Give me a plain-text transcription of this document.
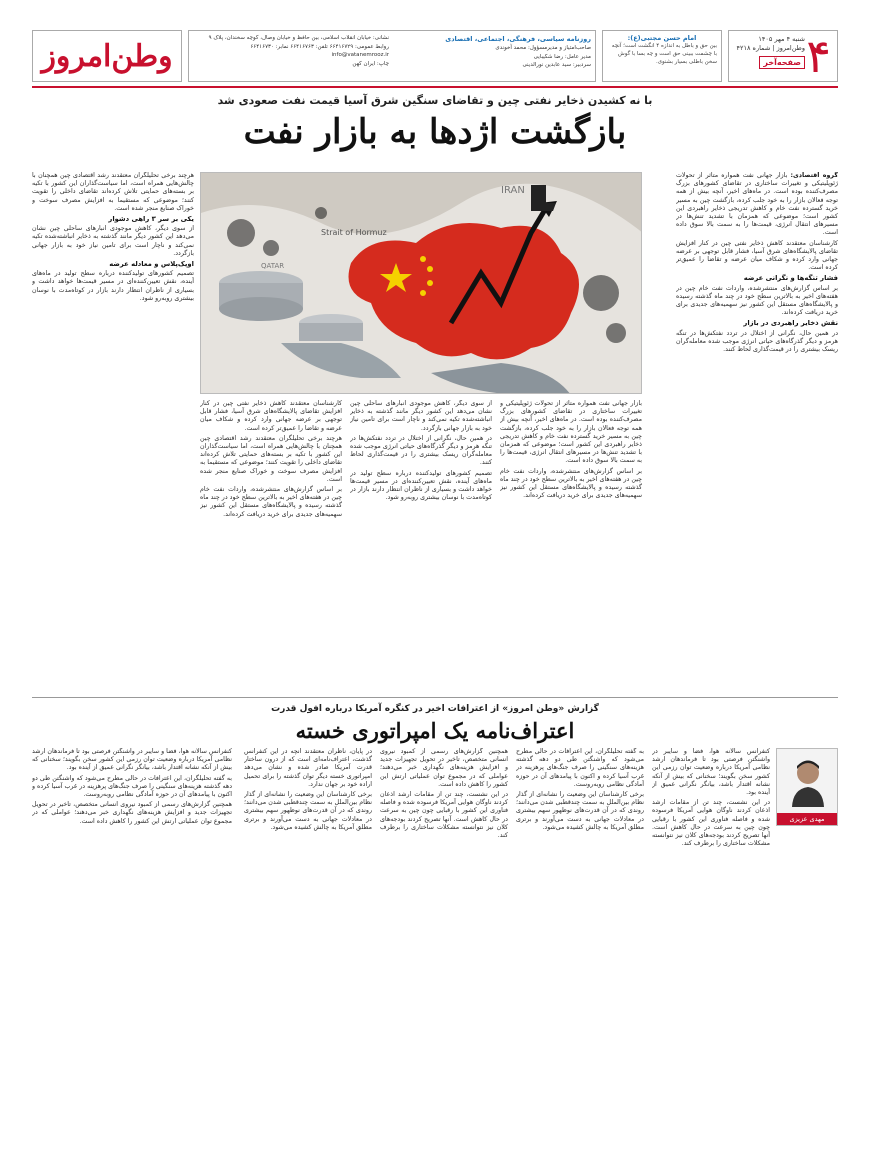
۴
شنبه ۴ مهر ۱۴۰۵
وطن‌امروز | شماره ۴۲۱۸
صفحه‌آخر
امام حسن مجتبی(ع):
بین حق و باطل به اندازه ۴ انگشت است؛ آنچه با چشمت ببینی حق است و چه بسا با گوش سخن باطلی بسیار بشنوی.
روزنامه سیاسی، فرهنگی، اجتماعی، اقتصادی
صاحب‌امتیاز و مدیرمسؤول: محمد آخوندی
مدیر عامل: رضا شکیبایی
سردبیر: سید عابدین نورالدینی
نشانی: خیابان انقلاب اسلامی، بین حافظ و خیابان وصال، کوچه سخندان، پلاک ۹
روابط عمومی: ۶۶۴۱۶۷۲۹ تلفن: ۶۶۴۱۶۷۶۳ نمابر: ۶۶۴۱۶۷۳۰
info@vatanemrooz.ir
چاپ: ایران کهن
وطن‌امروز
با نه کشیدن ذخایر نفتی چین و تقاضای سنگین شرق آسیا قیمت نفت صعودی شد
بازگشت اژدها به بازار نفت

گروه اقتصادی: بازار جهانی نفت همواره متاثر از تحولات ژئوپلیتیکی و تغییرات ساختاری در تقاضای کشورهای بزرگ مصرف‌کننده بوده است. در ماه‌های اخیر، آنچه بیش از همه توجه فعالان بازار را به خود جلب کرده، بازگشت چین به مسیر خرید گسترده نفت خام و کاهش تدریجی ذخایر راهبردی این کشور است؛ موضوعی که همزمان با تشدید تنش‌ها در مسیرهای انتقال انرژی، قیمت‌ها را به سمت بالا سوق داده است.

کارشناسان معتقدند کاهش ذخایر نفتی چین در کنار افزایش تقاضای پالایشگاه‌های شرق آسیا، فشار قابل توجهی بر عرضه جهانی وارد کرده و شکاف میان عرضه و تقاضا را عمیق‌تر کرده است.

فشار تنگه‌ها و نگرانی عرضه

بر اساس گزارش‌های منتشرشده، واردات نفت خام چین در هفته‌های اخیر به بالاترین سطح خود در چند ماه گذشته رسیده و پالایشگاه‌های مستقل این کشور نیز سهمیه‌های جدیدی برای خرید دریافت کرده‌اند.

نقش ذخایر راهبردی در بازار

در همین حال، نگرانی از اختلال در تردد نفتکش‌ها در تنگه هرمز و دیگر گذرگاه‌های حیاتی انرژی موجب شده معامله‌گران ریسک بیشتری را در قیمت‌گذاری لحاظ کنند.

هرچند برخی تحلیلگران معتقدند رشد اقتصادی چین همچنان با چالش‌هایی همراه است، اما سیاست‌گذاران این کشور با تکیه بر بسته‌های حمایتی تلاش کرده‌اند تقاضای داخلی را تقویت کنند؛ موضوعی که مستقیما به افزایش مصرف سوخت و خوراک صنایع منجر شده است.

یکی بر سر ۳ راهی دشوار

از سوی دیگر، کاهش موجودی انبارهای ساحلی چین نشان می‌دهد این کشور دیگر مانند گذشته به ذخایر انباشته‌شده تکیه نمی‌کند و ناچار است برای تامین نیاز خود به بازار جهانی بازگردد.

اوپک‌پلاس و معادله عرضه

تصمیم کشورهای تولیدکننده درباره سطح تولید در ماه‌های آینده، نقش تعیین‌کننده‌ای در مسیر قیمت‌ها خواهد داشت و بسیاری از ناظران انتظار دارند بازار در کوتاه‌مدت با نوسان بیشتری روبه‌رو شود.

IRAN
Strait of Hormuz
QATAR

کارشناسان معتقدند کاهش ذخایر نفتی چین در کنار افزایش تقاضای پالایشگاه‌های شرق آسیا، فشار قابل توجهی بر عرضه جهانی وارد کرده و شکاف میان عرضه و تقاضا را عمیق‌تر کرده است.

هرچند برخی تحلیلگران معتقدند رشد اقتصادی چین همچنان با چالش‌هایی همراه است، اما سیاست‌گذاران این کشور با تکیه بر بسته‌های حمایتی تلاش کرده‌اند تقاضای داخلی را تقویت کنند؛ موضوعی که مستقیما به افزایش مصرف سوخت و خوراک صنایع منجر شده است.

بر اساس گزارش‌های منتشرشده، واردات نفت خام چین در هفته‌های اخیر به بالاترین سطح خود در چند ماه گذشته رسیده و پالایشگاه‌های مستقل این کشور نیز سهمیه‌های جدیدی برای خرید دریافت کرده‌اند.

از سوی دیگر، کاهش موجودی انبارهای ساحلی چین نشان می‌دهد این کشور دیگر مانند گذشته به ذخایر انباشته‌شده تکیه نمی‌کند و ناچار است برای تامین نیاز خود به بازار جهانی بازگردد.

در همین حال، نگرانی از اختلال در تردد نفتکش‌ها در تنگه هرمز و دیگر گذرگاه‌های حیاتی انرژی موجب شده معامله‌گران ریسک بیشتری را در قیمت‌گذاری لحاظ کنند.

تصمیم کشورهای تولیدکننده درباره سطح تولید در ماه‌های آینده، نقش تعیین‌کننده‌ای در مسیر قیمت‌ها خواهد داشت و بسیاری از ناظران انتظار دارند بازار در کوتاه‌مدت با نوسان بیشتری روبه‌رو شود.

بازار جهانی نفت همواره متاثر از تحولات ژئوپلیتیکی و تغییرات ساختاری در تقاضای کشورهای بزرگ مصرف‌کننده بوده است. در ماه‌های اخیر، آنچه بیش از همه توجه فعالان بازار را به خود جلب کرده، بازگشت چین به مسیر خرید گسترده نفت خام و کاهش تدریجی ذخایر راهبردی این کشور است؛ موضوعی که همزمان با تشدید تنش‌ها در مسیرهای انتقال انرژی، قیمت‌ها را به سمت بالا سوق داده است.

بر اساس گزارش‌های منتشرشده، واردات نفت خام چین در هفته‌های اخیر به بالاترین سطح خود در چند ماه گذشته رسیده و پالایشگاه‌های مستقل این کشور نیز سهمیه‌های جدیدی برای خرید دریافت کرده‌اند.

گزارش «وطن امروز» از اعترافات اخیر در کنگره آمریکا درباره افول قدرت
اعتراف‌نامه یک امپراتوری خسته
مهدی عزیزی

کنفرانس سالانه هوا، فضا و سایبر در واشنگتن فرصتی بود تا فرماندهان ارشد نظامی آمریکا درباره وضعیت توان رزمی این کشور سخن بگویند؛ سخنانی که بیش از آنکه نشانه اقتدار باشد، بیانگر نگرانی عمیق از آینده بود.

در این نشست، چند تن از مقامات ارشد اذعان کردند ناوگان هوایی آمریکا فرسوده شده و فاصله فناوری این کشور با رقبایی چون چین به سرعت در حال کاهش است. آنها تصریح کردند بودجه‌های کلان نیز نتوانسته مشکلات ساختاری را برطرف کند.

به گفته تحلیلگران، این اعترافات در حالی مطرح می‌شود که واشنگتن طی دو دهه گذشته هزینه‌های سنگینی را صرف جنگ‌های پرهزینه در غرب آسیا کرده و اکنون با پیامدهای آن در حوزه آمادگی نظامی روبه‌روست.

برخی کارشناسان این وضعیت را نشانه‌ای از گذار نظام بین‌الملل به سمت چندقطبی شدن می‌دانند؛ روندی که در آن قدرت‌های نوظهور سهم بیشتری در معادلات جهانی به دست می‌آورند و برتری مطلق آمریکا به چالش کشیده می‌شود.

همچنین گزارش‌های رسمی از کمبود نیروی انسانی متخصص، تاخیر در تحویل تجهیزات جدید و افزایش هزینه‌های نگهداری خبر می‌دهند؛ عواملی که در مجموع توان عملیاتی ارتش این کشور را کاهش داده است.

در این نشست، چند تن از مقامات ارشد اذعان کردند ناوگان هوایی آمریکا فرسوده شده و فاصله فناوری این کشور با رقبایی چون چین به سرعت در حال کاهش است. آنها تصریح کردند بودجه‌های کلان نیز نتوانسته مشکلات ساختاری را برطرف کند.

در پایان، ناظران معتقدند آنچه در این کنفرانس گذشت، اعتراف‌نامه‌ای است که از درون ساختار قدرت آمریکا صادر شده و نشان می‌دهد امپراتوری خسته دیگر توان گذشته را برای تحمیل اراده خود بر جهان ندارد.

برخی کارشناسان این وضعیت را نشانه‌ای از گذار نظام بین‌الملل به سمت چندقطبی شدن می‌دانند؛ روندی که در آن قدرت‌های نوظهور سهم بیشتری در معادلات جهانی به دست می‌آورند و برتری مطلق آمریکا به چالش کشیده می‌شود.

کنفرانس سالانه هوا، فضا و سایبر در واشنگتن فرصتی بود تا فرماندهان ارشد نظامی آمریکا درباره وضعیت توان رزمی این کشور سخن بگویند؛ سخنانی که بیش از آنکه نشانه اقتدار باشد، بیانگر نگرانی عمیق از آینده بود.

به گفته تحلیلگران، این اعترافات در حالی مطرح می‌شود که واشنگتن طی دو دهه گذشته هزینه‌های سنگینی را صرف جنگ‌های پرهزینه در غرب آسیا کرده و اکنون با پیامدهای آن در حوزه آمادگی نظامی روبه‌روست.

همچنین گزارش‌های رسمی از کمبود نیروی انسانی متخصص، تاخیر در تحویل تجهیزات جدید و افزایش هزینه‌های نگهداری خبر می‌دهند؛ عواملی که در مجموع توان عملیاتی ارتش این کشور را کاهش داده است.
